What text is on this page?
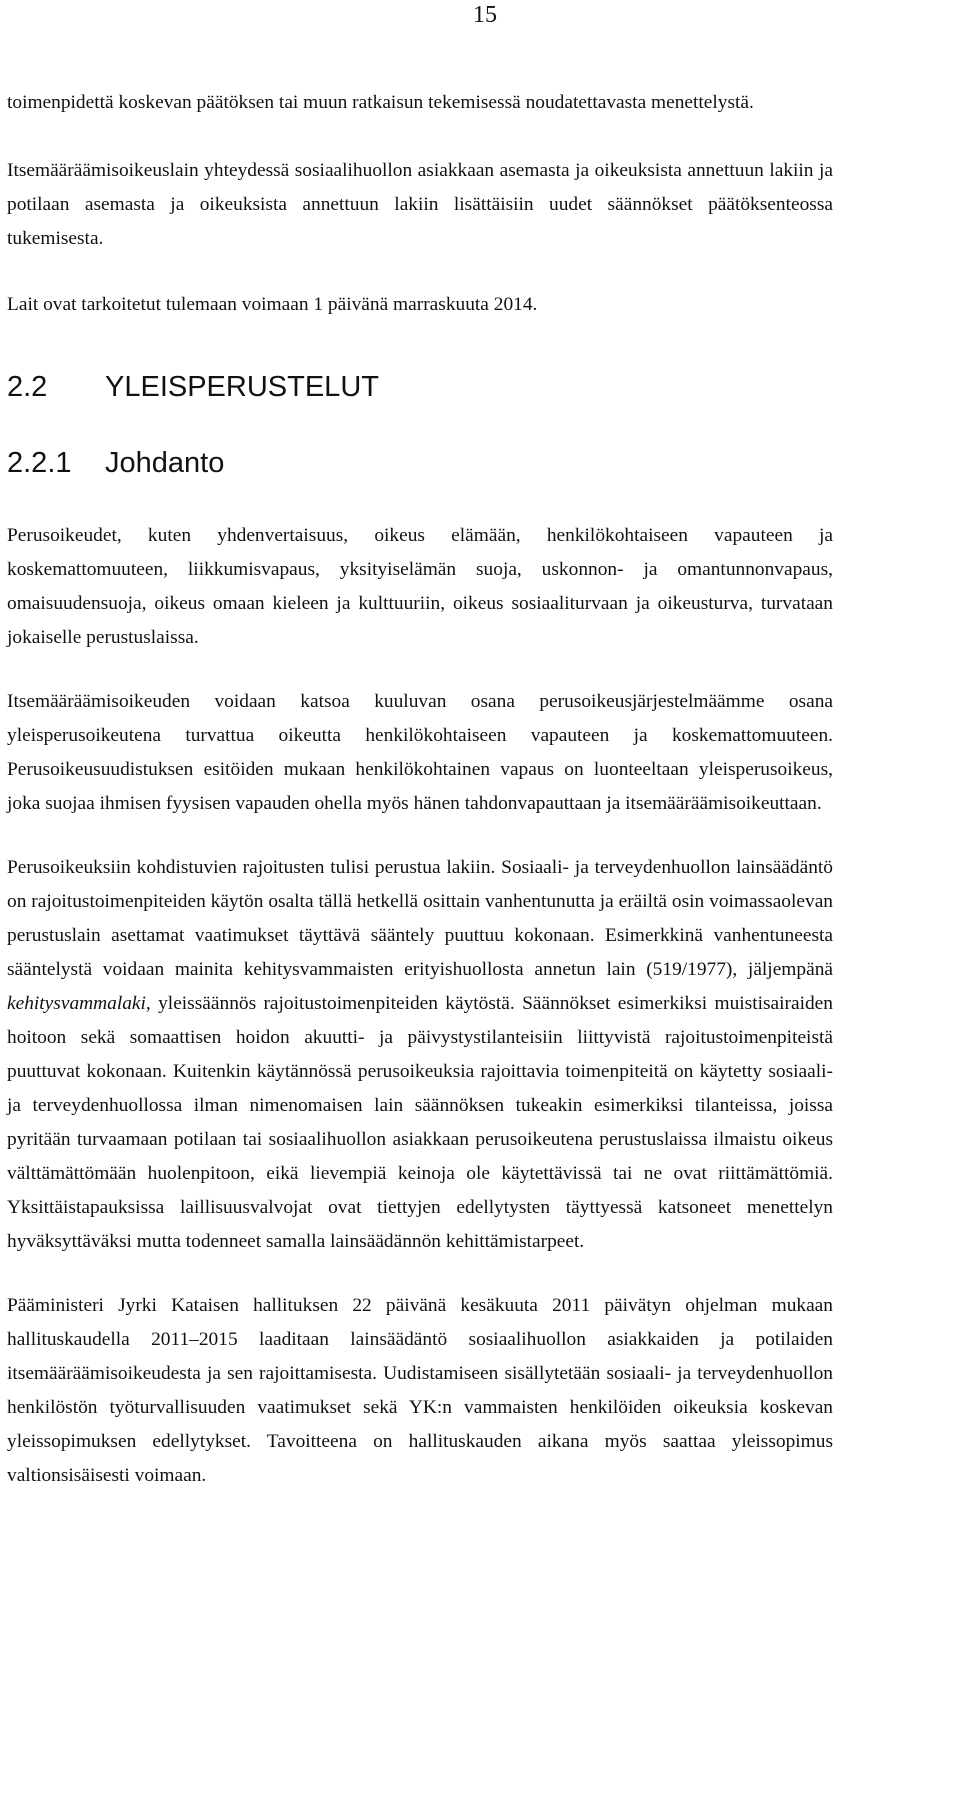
15

toimenpidettä koskevan päätöksen tai muun ratkaisun tekemisessä noudatettavasta menettelystä.

Itsemääräämisoikeuslain yhteydessä sosiaalihuollon asiakkaan asemasta ja oikeuksista annettuun lakiin ja potilaan asemasta ja oikeuksista annettuun lakiin lisättäisiin uudet säännökset päätöksenteossa tukemisesta.

Lait ovat tarkoitetut tulemaan voimaan 1 päivänä marraskuuta 2014.

2.2	YLEISPERUSTELUT
2.2.1	Johdanto

Perusoikeudet, kuten yhdenvertaisuus, oikeus elämään, henkilökohtaiseen vapauteen ja koskemattomuuteen, liikkumisvapaus, yksityiselämän suoja, uskonnon- ja omantunnonvapaus, omaisuudensuoja, oikeus omaan kieleen ja kulttuuriin, oikeus sosiaaliturvaan ja oikeusturva, turvataan jokaiselle perustuslaissa.

Itsemääräämisoikeuden voidaan katsoa kuuluvan osana perusoikeusjärjestelmäämme osana yleisperusoikeutena turvattua oikeutta henkilökohtaiseen vapauteen ja koskemattomuuteen. Perusoikeusuudistuksen esitöiden mukaan henkilökohtainen vapaus on luonteeltaan yleisperusoikeus, joka suojaa ihmisen fyysisen vapauden ohella myös hänen tahdonvapauttaan ja itsemääräämisoikeuttaan.

Perusoikeuksiin kohdistuvien rajoitusten tulisi perustua lakiin. Sosiaali- ja terveydenhuollon lainsäädäntö on rajoitustoimenpiteiden käytön osalta tällä hetkellä osittain vanhentunutta ja eräiltä osin voimassaolevan perustuslain asettamat vaatimukset täyttävä sääntely puuttuu kokonaan. Esimerkkinä vanhentuneesta sääntelystä voidaan mainita kehitysvammaisten erityishuollosta annetun lain (519/1977), jäljempänä kehitysvammalaki, yleissäännös rajoitustoimenpiteiden käytöstä. Säännökset esimerkiksi muistisairaiden hoitoon sekä somaattisen hoidon akuutti- ja päivystystilanteisiin liittyvistä rajoitustoimenpiteistä puuttuvat kokonaan. Kuitenkin käytännössä perusoikeuksia rajoittavia toimenpiteitä on käytetty sosiaali- ja terveydenhuollossa ilman nimenomaisen lain säännöksen tukeakin esimerkiksi tilanteissa, joissa pyritään turvaamaan potilaan tai sosiaalihuollon asiakkaan perusoikeutena perustuslaissa ilmaistu oikeus välttämättömään huolenpitoon, eikä lievempiä keinoja ole käytettävissä tai ne ovat riittämättömiä. Yksittäistapauksissa laillisuusvalvojat ovat tiettyjen edellytysten täyttyessä katsoneet menettelyn hyväksyttäväksi mutta todenneet samalla lainsäädännön kehittämistarpeet.

Pääministeri Jyrki Kataisen hallituksen 22 päivänä kesäkuuta 2011 päivätyn ohjelman mukaan hallituskaudella 2011–2015 laaditaan lainsäädäntö sosiaalihuollon asiakkaiden ja potilaiden itsemääräämisoikeudesta ja sen rajoittamisesta. Uudistamiseen sisällytetään sosiaali- ja terveydenhuollon henkilöstön työturvallisuuden vaatimukset sekä YK:n vammaisten henkilöiden oikeuksia koskevan yleissopimuksen edellytykset. Tavoitteena on hallituskauden aikana myös saattaa yleissopimus valtionsisäisesti voimaan.
